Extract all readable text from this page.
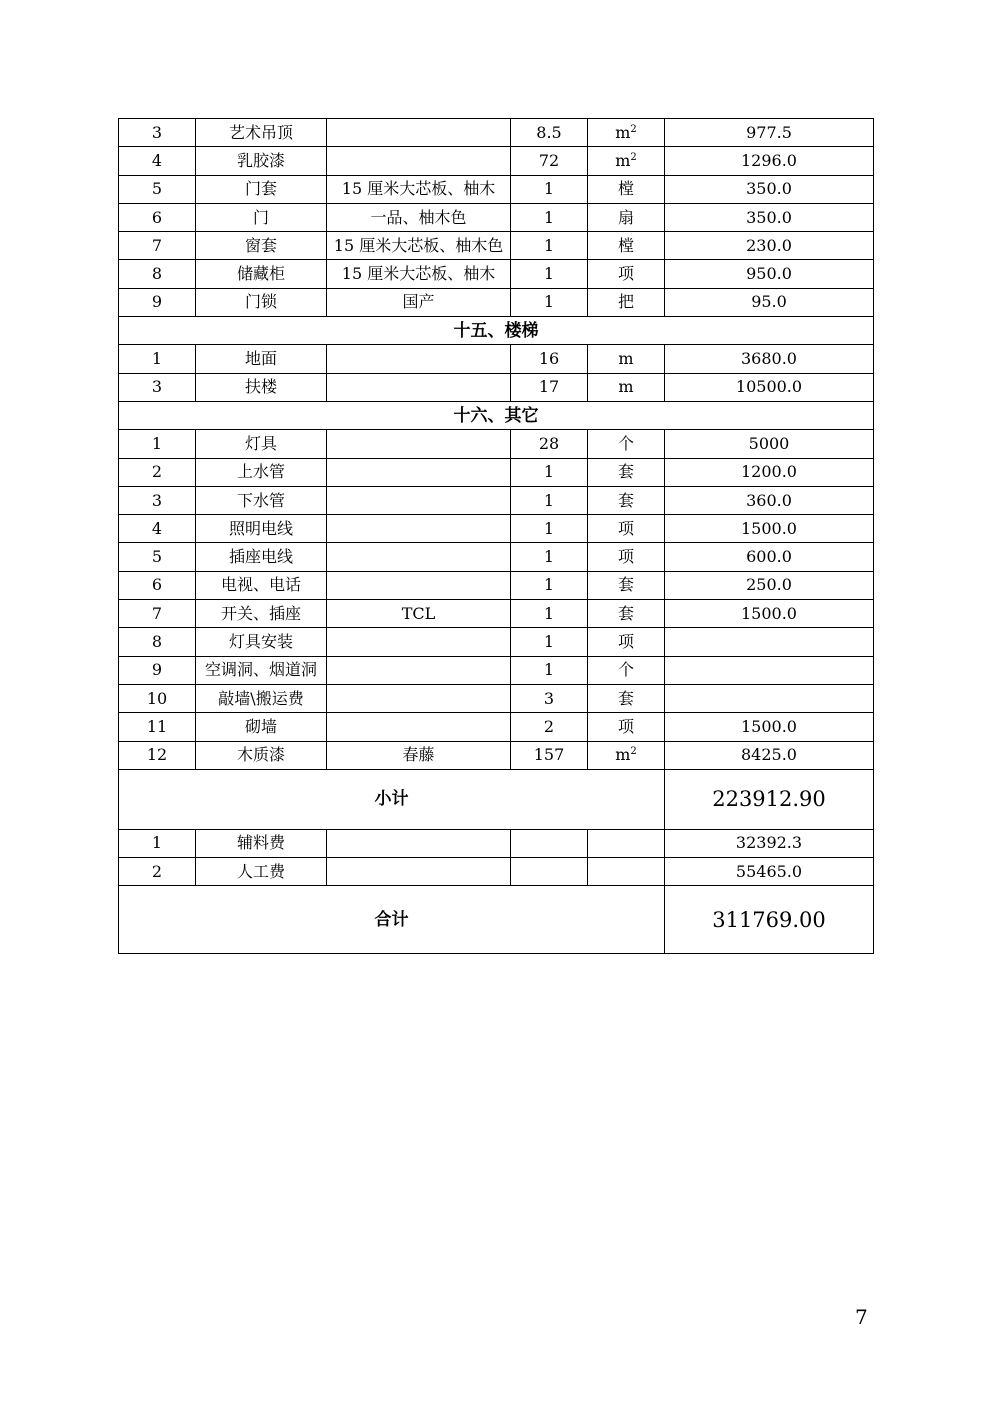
3	艺术吊顶		8.5	$m^2$	977.5
4	乳胶漆		72	$m^2$	1296.0
5	门套	15 厘米大芯板、柚木	1	樘	350.0
6	门	一品、柚木色	1	扇	350.0
7	窗套	15 厘米大芯板、柚木色	1	樘	230.0
8	储藏柜	15 厘米大芯板、柚木	1	项	950.0
9	门锁	国产	1	把	95.0
十五、楼梯					
1	地面		16	m	3680.0
3	扶楼		17	m	10500.0
十六、其它					
1	灯具		28	个	5000
2	上水管		1	套	1200.0
3	下水管		1	套	360.0
4	照明电线		1	项	1500.0
5	插座电线		1	项	600.0
6	电视、电话		1	套	250.0
7	开关、插座	TCL	1	套	1500.0
8	灯具安装		1	项	
9	空调洞、烟道洞		1	个	
10	敲墙\搬运费		3	套	
11	砌墙		2	项	1500.0
12	木质漆	春藤	157	$m^2$	8425.0
小计					223912.90
1	辅料费				32392.3
2	人工费				55465.0
合计					311769.00
7
